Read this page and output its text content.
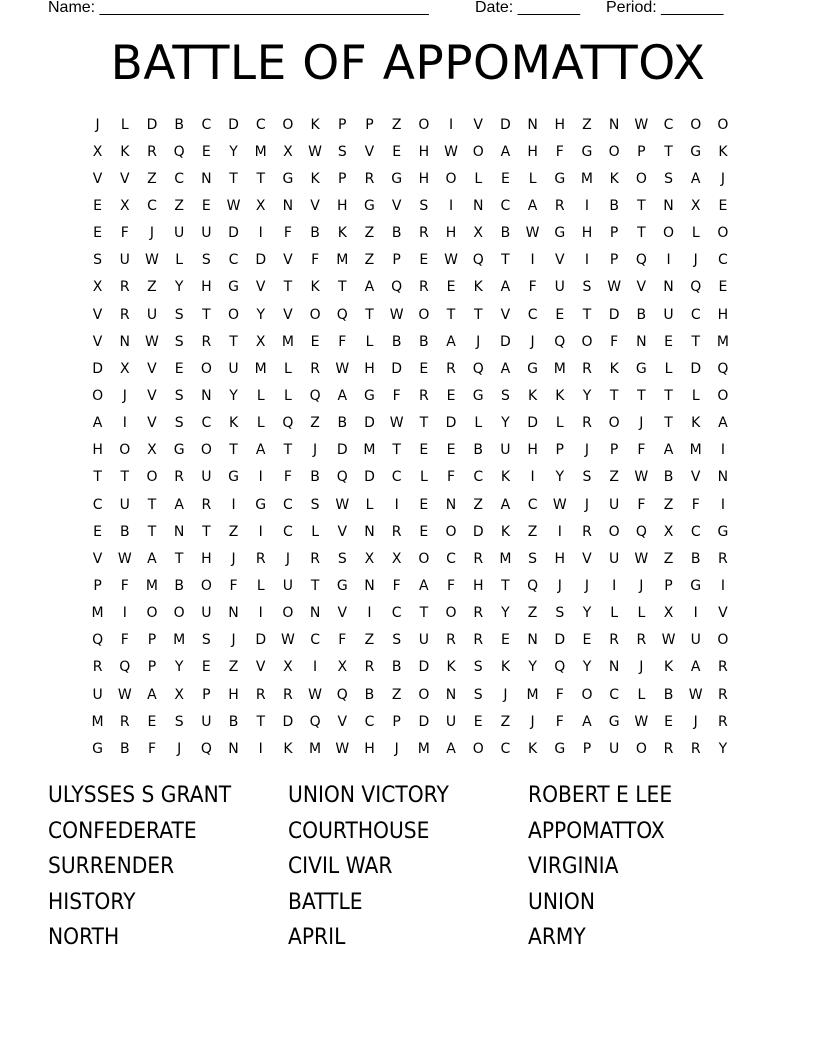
Name: _____________________________________	Date: _______ Period: _______
BATTLE OF APPOMATTOX
J	L	D	B	C	D	C	O	K	P	P	Z	O	I	V	D	N	H	Z	N	W	C	O	O
X	K	R	Q	E	Y	M	X	W	S	V	E	H	W	O	A	H	F	G	O	P	T	G	K
V	V	Z	C	N	T	T	G	K	P	R	G	H	O	L	E	L	G	M	K	O	S	A	J
E	X	C	Z	E	W	X	N	V	H	G	V	S	I	N	C	A	R	I	B	T	N	X	E
E	F	J	U	U	D	I	F	B	K	Z	B	R	H	X	B	W	G	H	P	T	O	L	O
S	U	W	L	S	C	D	V	F	M	Z	P	E	W	Q	T	I	V	I	P	Q	I	J	C
X	R	Z	Y	H	G	V	T	K	T	A	Q	R	E	K	A	F	U	S	W	V	N	Q	E
V	R	U	S	T	O	Y	V	O	Q	T	W	O	T	T	V	C	E	T	D	B	U	C	H
V	N	W	S	R	T	X	M	E	F	L	B	B	A	J	D	J	Q	O	F	N	E	T	M
D	X	V	E	O	U	M	L	R	W	H	D	E	R	Q	A	G	M	R	K	G	L	D	Q
O	J	V	S	N	Y	L	L	Q	A	G	F	R	E	G	S	K	K	Y	T	T	T	L	O
A	I	V	S	C	K	L	Q	Z	B	D	W	T	D	L	Y	D	L	R	O	J	T	K	A
H	O	X	G	O	T	A	T	J	D	M	T	E	E	B	U	H	P	J	P	F	A	M	I
T	T	O	R	U	G	I	F	B	Q	D	C	L	F	C	K	I	Y	S	Z	W	B	V	N
C	U	T	A	R	I	G	C	S	W	L	I	E	N	Z	A	C	W	J	U	F	Z	F	I
E	B	T	N	T	Z	I	C	L	V	N	R	E	O	D	K	Z	I	R	O	Q	X	C	G
V	W	A	T	H	J	R	J	R	S	X	X	O	C	R	M	S	H	V	U	W	Z	B	R
P	F	M	B	O	F	L	U	T	G	N	F	A	F	H	T	Q	J	J	I	J	P	G	I
M	I	O	O	U	N	I	O	N	V	I	C	T	O	R	Y	Z	S	Y	L	L	X	I	V
Q	F	P	M	S	J	D	W	C	F	Z	S	U	R	R	E	N	D	E	R	R	W	U	O
R	Q	P	Y	E	Z	V	X	I	X	R	B	D	K	S	K	Y	Q	Y	N	J	K	A	R
U	W	A	X	P	H	R	R	W	Q	B	Z	O	N	S	J	M	F	O	C	L	B	W	R
M	R	E	S	U	B	T	D	Q	V	C	P	D	U	E	Z	J	F	A	G	W	E	J	R
G	B	F	J	Q	N	I	K	M	W	H	J	M	A	O	C	K	G	P	U	O	R	R	Y
ULYSSES S GRANT	UNION VICTORY	ROBERT E LEE
CONFEDERATE	COURTHOUSE	APPOMATTOX
SURRENDER	CIVIL WAR	VIRGINIA
HISTORY	BATTLE	UNION
NORTH	APRIL	ARMY
